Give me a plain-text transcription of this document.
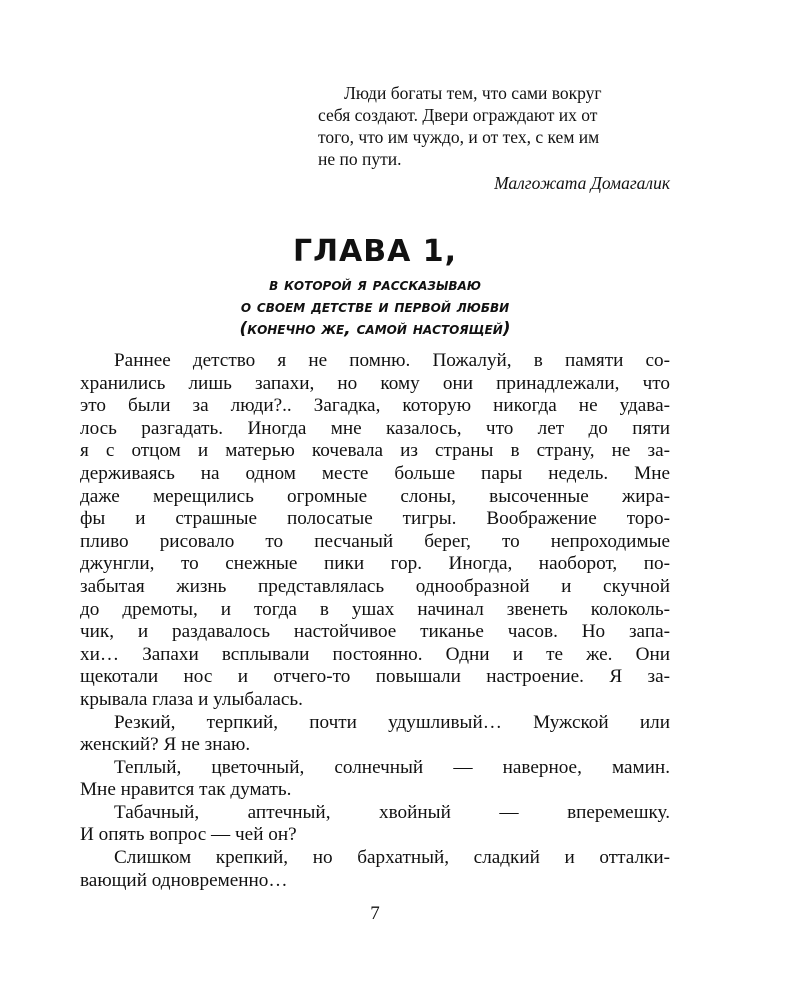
Люди богаты тем, что сами вокруг
себя создают. Двери ограждают их от
того, что им чуждо, и от тех, с кем им
не по пути.
Малгожата Домагалик
ГЛАВА 1,
в которой я рассказываю
о своем детстве и первой любви
(конечно же, самой настоящей)
Раннее детство я не помню. Пожалуй, в памяти со-
хранились лишь запахи, но кому они принадлежали, что
это были за люди?.. Загадка, которую никогда не удава-
лось разгадать. Иногда мне казалось, что лет до пяти
я с отцом и матерью кочевала из страны в страну, не за-
держиваясь на одном месте больше пары недель. Мне
даже мерещились огромные слоны, высоченные жира-
фы и страшные полосатые тигры. Воображение торо-
пливо рисовало то песчаный берег, то непроходимые
джунгли, то снежные пики гор. Иногда, наоборот, по-
забытая жизнь представлялась однообразной и скучной
до дремоты, и тогда в ушах начинал звенеть колоколь-
чик, и раздавалось настойчивое тиканье часов. Но запа-
хи… Запахи всплывали постоянно. Одни и те же. Они
щекотали нос и отчего-то повышали настроение. Я за-
крывала глаза и улыбалась.
Резкий, терпкий, почти удушливый… Мужской или
женский? Я не знаю.
Теплый, цветочный, солнечный — наверное, мамин.
Мне нравится так думать.
Табачный, аптечный, хвойный — вперемешку.
И опять вопрос — чей он?
Слишком крепкий, но бархатный, сладкий и отталки-
вающий одновременно…
7
